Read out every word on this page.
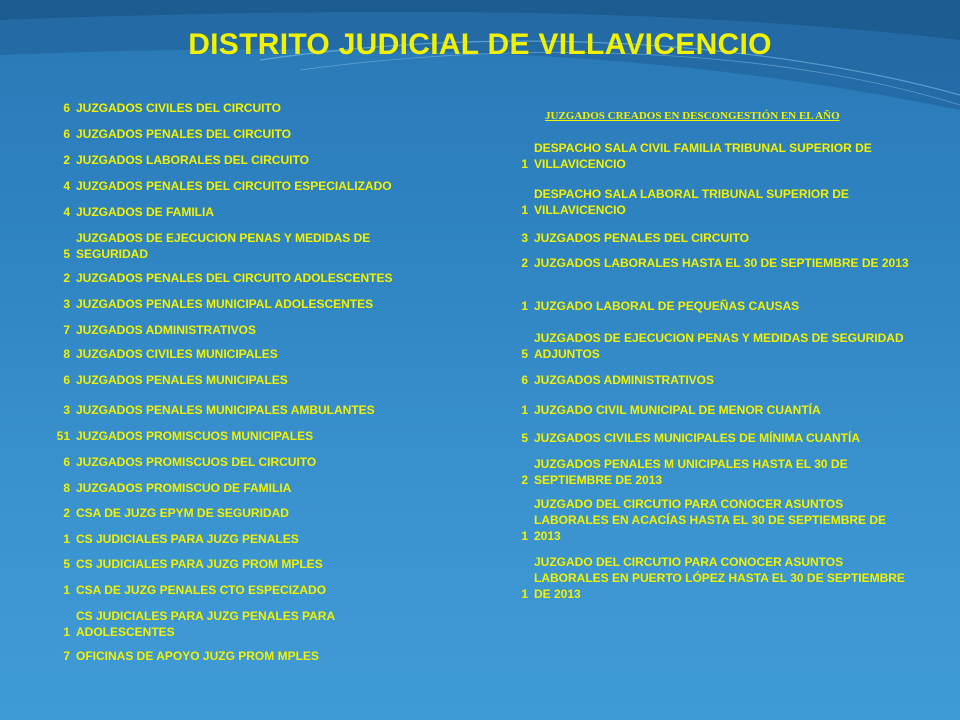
DISTRITO JUDICIAL DE VILLAVICENCIO
6 JUZGADOS CIVILES DEL CIRCUITO
6 JUZGADOS PENALES DEL CIRCUITO
2 JUZGADOS LABORALES DEL CIRCUITO
4 JUZGADOS PENALES DEL CIRCUITO ESPECIALIZADO
4 JUZGADOS DE FAMILIA
5
JUZGADOS DE EJECUCION PENAS Y MEDIDAS DE SEGURIDAD
2 JUZGADOS PENALES DEL CIRCUITO ADOLESCENTES
3 JUZGADOS PENALES MUNICIPAL ADOLESCENTES
7 JUZGADOS ADMINISTRATIVOS
8 JUZGADOS CIVILES MUNICIPALES
6 JUZGADOS PENALES MUNICIPALES
3 JUZGADOS PENALES MUNICIPALES AMBULANTES
51 JUZGADOS PROMISCUOS MUNICIPALES
6 JUZGADOS PROMISCUOS DEL CIRCUITO
8 JUZGADOS PROMISCUO DE FAMILIA
2 CSA DE JUZG EPYM DE SEGURIDAD
1 CS JUDICIALES PARA JUZG PENALES
5 CS JUDICIALES PARA JUZG PROM MPLES
1 CSA DE JUZG PENALES CTO ESPECIZADO
1
CS JUDICIALES PARA JUZG PENALES PARA ADOLESCENTES
7 OFICINAS DE APOYO JUZG PROM MPLES
JUZGADOS CREADOS EN DESCONGESTIÓN EN EL AÑO
1
DESPACHO SALA CIVIL FAMILIA TRIBUNAL SUPERIOR DE VILLAVICENCIO
1
DESPACHO SALA LABORAL TRIBUNAL SUPERIOR DE VILLAVICENCIO
3 JUZGADOS PENALES DEL CIRCUITO
2 JUZGADOS LABORALES HASTA EL 30 DE SEPTIEMBRE DE 2013
1 JUZGADO LABORAL DE PEQUEÑAS CAUSAS
5
JUZGADOS DE EJECUCION PENAS Y MEDIDAS DE SEGURIDAD ADJUNTOS
6 JUZGADOS ADMINISTRATIVOS
1 JUZGADO CIVIL MUNICIPAL DE MENOR CUANTÍA
5 JUZGADOS CIVILES MUNICIPALES DE MÍNIMA CUANTÍA
2
JUZGADOS PENALES M UNICIPALES HASTA EL 30 DE SEPTIEMBRE DE 2013
1
JUZGADO DEL CIRCUTIO PARA CONOCER ASUNTOS LABORALES EN ACACÍAS HASTA EL 30 DE SEPTIEMBRE DE 2013
1
JUZGADO DEL CIRCUTIO PARA CONOCER ASUNTOS LABORALES EN PUERTO LÓPEZ HASTA EL 30 DE SEPTIEMBRE DE 2013
